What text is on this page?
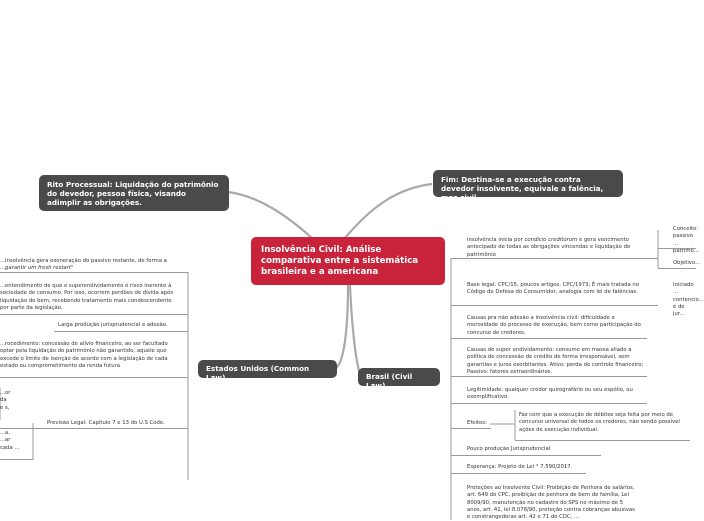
Insolvência Civil: Análise comparativa entre a sistemática brasileira e a americana
Fim: Destina-se a execução contra devedor insolvente, equivale a falência, mas civil.
Rito Processual: Liquidação do patrimônio do devedor, pessoa física, visando adimplir as obrigações.
Estados Unidos (Common Law)	Brasil (Civil Law)
insolvência inicia por condicio creditorum e gera vencimento antecipado de todas as obrigações vincendas e liquidação do patrimônio
Base legal: CPC/15, poucos artigos, CPC/1973; É mais tratada no Código de Defesa do Consumidor, analogia com lei de falências.
Causas pra não adesão a insolvência civil: dificuldade e morosidade do processo de execução, bem como participação do concurso de credores.
Causas de super endividamento: consumo em massa aliado a política de concessão de crédito de forma irresponsável, sem garantias e juros exorbitantes. Ativo: perda de controle financeiro; Passivo: fatores extraordinários.
Legitimidade: qualquer credor quirografário ou seu espólio, ou exemplificativo.
Efeitos:
Faz com que a execução de débitos seja feita por meio de concurso universal de todos os credores, não sendo possível ações de execução individual.
Pouco produção Jurisprudencial
Esperança: Projeto de Lei ° 7.590/2017.
Proteções ao Insolvente Civil: Proibição de Penhora de salários, art. 649 do CPC, proibição de penhora de bem de família, Lei 8009/90, manutenção no cadastro do SPS no máximo de 5 anos, art. 41, lei 8.078/90, proteção contra cobranças abusivas e constrangedoras art. 42 e 71 do CDC, ...
Conceito: passivo ... patrimô...
Objetivo...
Iniciado ... contencio... é de jur...
...insolvência gera exoneração do passivo restante, de forma a
...garantir um fresh restart"
...entendimento de que o superendividamento é risco inerente à sociedade de consumo. Por isso, ocorrem perdões de dívida após liquidação do bem, recebendo tratamento mais condescendente por parte da legislação.
Larga produção jurisprudencial e adesão.
...rocedimento: concessão de alívio financeiro, ao ser facultado optar pela liquidação do patrimônio não garantido, aquele que excede o limite de isenção de acordo com a legislação de cada estado ou comprometimento da renda futura
...or da e s,
Previsão Legal: Capítulo 7 e 13 do U.S Code.
...a, ...ar cada ...
